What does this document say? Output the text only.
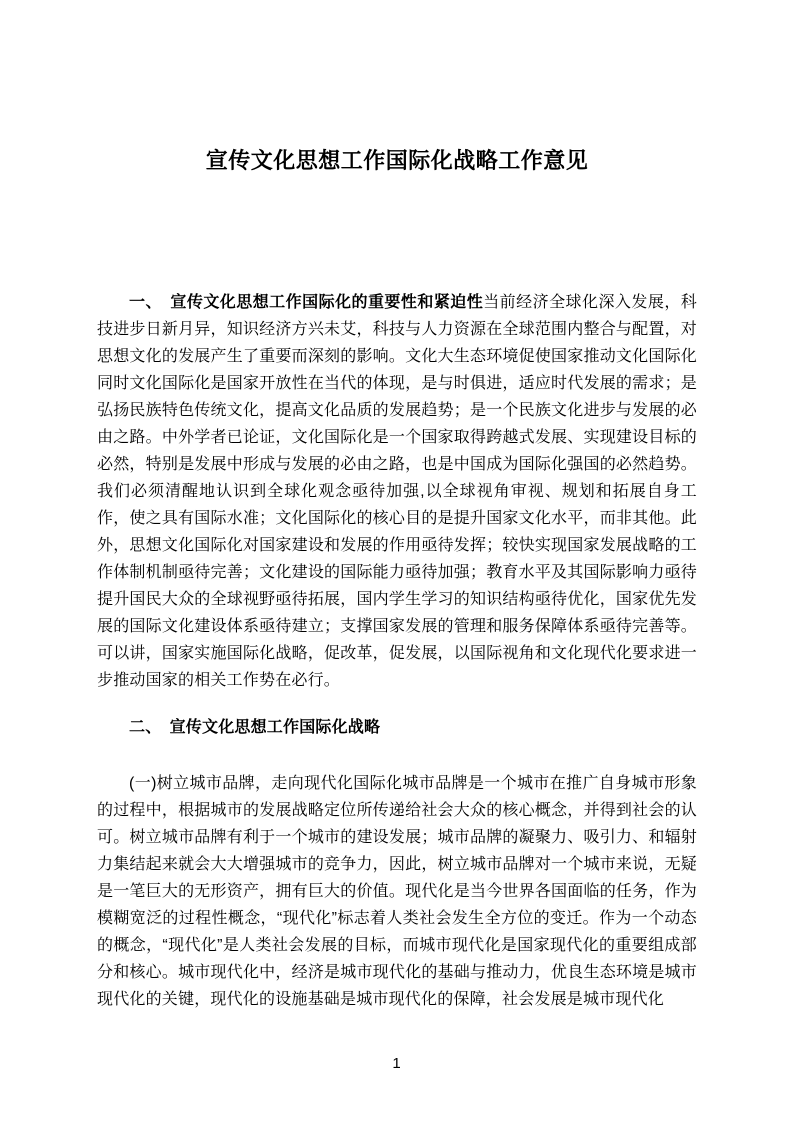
宣传文化思想工作国际化战略工作意见

一、　宣传文化思想工作国际化的重要性和紧迫性当前经济全球化深入发展，科技进步日新月异，知识经济方兴未艾，科技与人力资源在全球范围内整合与配置，对思想文化的发展产生了重要而深刻的影响。文化大生态环境促使国家推动文化国际化同时文化国际化是国家开放性在当代的体现，是与时俱进，适应时代发展的需求；是弘扬民族特色传统文化，提高文化品质的发展趋势；是一个民族文化进步与发展的必由之路。中外学者已论证，文化国际化是一个国家取得跨越式发展、实现建设目标的必然，特别是发展中形成与发展的必由之路，也是中国成为国际化强国的必然趋势。我们必须清醒地认识到全球化观念亟待加强,以全球视角审视、规划和拓展自身工作，使之具有国际水准；文化国际化的核心目的是提升国家文化水平，而非其他。此外，思想文化国际化对国家建设和发展的作用亟待发挥；较快实现国家发展战略的工作体制机制亟待完善；文化建设的国际能力亟待加强；教育水平及其国际影响力亟待提升国民大众的全球视野亟待拓展，国内学生学习的知识结构亟待优化，国家优先发展的国际文化建设体系亟待建立；支撑国家发展的管理和服务保障体系亟待完善等。可以讲，国家实施国际化战略，促改革，促发展，以国际视角和文化现代化要求进一步推动国家的相关工作势在必行。

二、　宣传文化思想工作国际化战略

(一)树立城市品牌，走向现代化国际化城市品牌是一个城市在推广自身城市形象的过程中，根据城市的发展战略定位所传递给社会大众的核心概念，并得到社会的认可。树立城市品牌有利于一个城市的建设发展；城市品牌的凝聚力、吸引力、和辐射力集结起来就会大大增强城市的竞争力，因此，树立城市品牌对一个城市来说，无疑是一笔巨大的无形资产，拥有巨大的价值。现代化是当今世界各国面临的任务，作为模糊宽泛的过程性概念，“现代化”标志着人类社会发生全方位的变迁。作为一个动态的概念，“现代化”是人类社会发展的目标，而城市现代化是国家现代化的重要组成部分和核心。城市现代化中，经济是城市现代化的基础与推动力，优良生态环境是城市现代化的关键，现代化的设施基础是城市现代化的保障，社会发展是城市现代化

1
